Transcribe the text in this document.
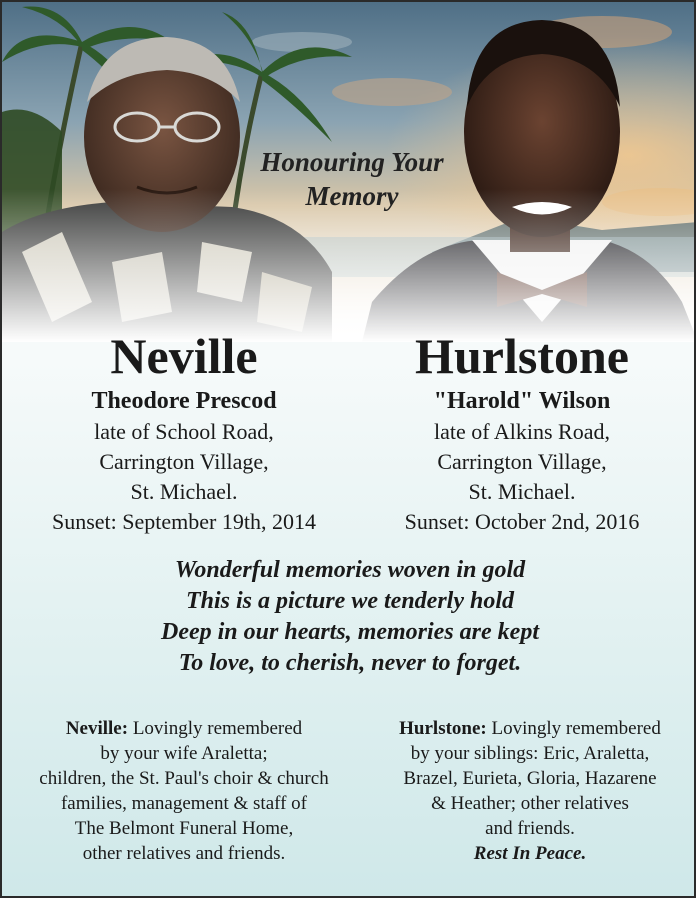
Honouring Your
Memory
Neville
Theodore Prescod
late of School Road,
Carrington Village,
St. Michael.
Sunset: September 19th, 2014
Hurlstone
"Harold" Wilson
late of Alkins Road,
Carrington Village,
St. Michael.
Sunset: October 2nd, 2016
Wonderful memories woven in gold
This is a picture we tenderly hold
Deep in our hearts, memories are kept
To love, to cherish, never to forget.
Neville: Lovingly remembered
by your wife Araletta;
children, the St. Paul's choir & church
families, management & staff of
The Belmont Funeral Home,
other relatives and friends.
Hurlstone: Lovingly remembered
by your siblings: Eric, Araletta,
Brazel, Eurieta, Gloria, Hazarene
& Heather; other relatives
and friends.
Rest In Peace.
